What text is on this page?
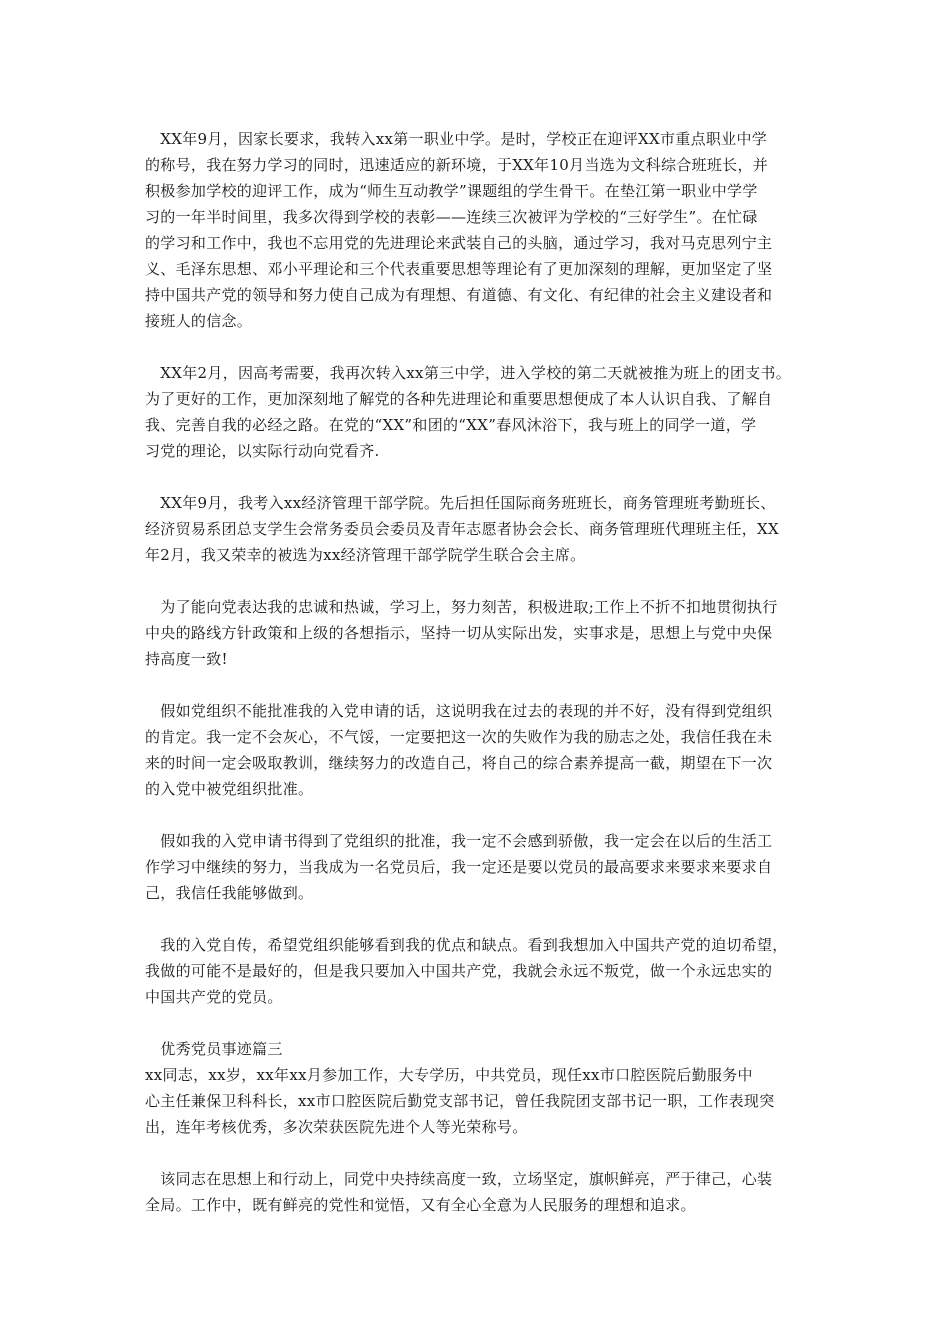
　XX年9月，因家长要求，我转入xx第一职业中学。是时，学校正在迎评XX市重点职业中学
的称号，我在努力学习的同时，迅速适应的新环境，于XX年10月当选为文科综合班班长，并
积极参加学校的迎评工作，成为“师生互动教学”课题组的学生骨干。在垫江第一职业中学学
习的一年半时间里，我多次得到学校的表彰——连续三次被评为学校的“三好学生”。在忙碌
的学习和工作中，我也不忘用党的先进理论来武装自己的头脑，通过学习，我对马克思列宁主
义、毛泽东思想、邓小平理论和三个代表重要思想等理论有了更加深刻的理解，更加坚定了坚
持中国共产党的领导和努力使自己成为有理想、有道德、有文化、有纪律的社会主义建设者和
接班人的信念。

　XX年2月，因高考需要，我再次转入xx第三中学，进入学校的第二天就被推为班上的团支书。
为了更好的工作，更加深刻地了解党的各种先进理论和重要思想便成了本人认识自我、了解自
我、完善自我的必经之路。在党的“XX”和团的“XX”春风沐浴下，我与班上的同学一道，学
习党的理论，以实际行动向党看齐.

　XX年9月，我考入xx经济管理干部学院。先后担任国际商务班班长，商务管理班考勤班长、
经济贸易系团总支学生会常务委员会委员及青年志愿者协会会长、商务管理班代理班主任，XX
年2月，我又荣幸的被选为xx经济管理干部学院学生联合会主席。

　为了能向党表达我的忠诚和热诚，学习上，努力刻苦，积极进取;工作上不折不扣地贯彻执行
中央的路线方针政策和上级的各想指示，坚持一切从实际出发，实事求是，思想上与党中央保
持高度一致!

　假如党组织不能批准我的入党申请的话，这说明我在过去的表现的并不好，没有得到党组织
的肯定。我一定不会灰心，不气馁，一定要把这一次的失败作为我的励志之处，我信任我在未
来的时间一定会吸取教训，继续努力的改造自己，将自己的综合素养提高一截，期望在下一次
的入党中被党组织批准。

　假如我的入党申请书得到了党组织的批准，我一定不会感到骄傲，我一定会在以后的生活工
作学习中继续的努力，当我成为一名党员后，我一定还是要以党员的最高要求来要求来要求自
己，我信任我能够做到。

　我的入党自传，希望党组织能够看到我的优点和缺点。看到我想加入中国共产党的迫切希望，
我做的可能不是最好的，但是我只要加入中国共产党，我就会永远不叛党，做一个永远忠实的
中国共产党的党员。

　优秀党员事迹篇三

xx同志，xx岁，xx年xx月参加工作，大专学历，中共党员，现任xx市口腔医院后勤服务中
心主任兼保卫科科长，xx市口腔医院后勤党支部书记，曾任我院团支部书记一职，工作表现突
出，连年考核优秀，多次荣获医院先进个人等光荣称号。

　该同志在思想上和行动上，同党中央持续高度一致，立场坚定，旗帜鲜亮，严于律己，心装
全局。工作中，既有鲜亮的党性和觉悟，又有全心全意为人民服务的理想和追求。
